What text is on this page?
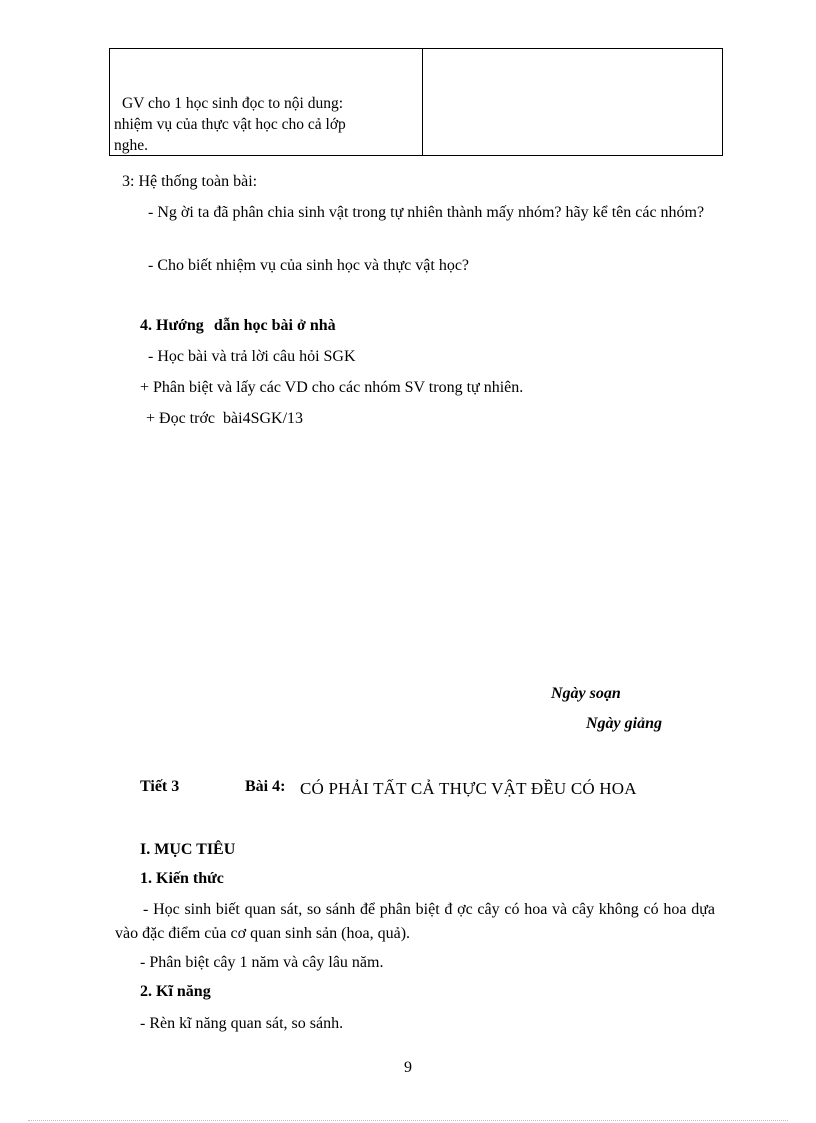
GV cho 1 học sinh đọc to nội dung:
nhiệm vụ của thực vật học cho cả lớp
nghe.
3: Hệ thống toàn bài:
- Ng ời ta đã phân chia sinh vật trong tự nhiên thành mấy nhóm? hãy kể tên các nhóm?
- Cho biết nhiệm vụ của sinh học và thực vật học?
4. Hướng dẫn học bài ở nhà
- Học bài và trả lời câu hỏi SGK
+ Phân biệt và lấy các VD cho các nhóm SV trong tự nhiên.
+ Đọc trớc  bài4SGK/13
Ngày soạn
Ngày giảng
Tiết 3	Bài 4: CÓ PHẢI TẤT CẢ THỰC VẬT ĐỀU CÓ HOA
I. MỤC TIÊU
1. Kiến thức
- Học sinh biết quan sát, so sánh để phân biệt đ ợc cây có hoa và cây không có hoa dựa vào đặc điểm của cơ quan sinh sản (hoa, quả).
- Phân biệt cây 1 năm và cây lâu năm.
2. Kĩ năng
- Rèn kĩ năng quan sát, so sánh.
9
